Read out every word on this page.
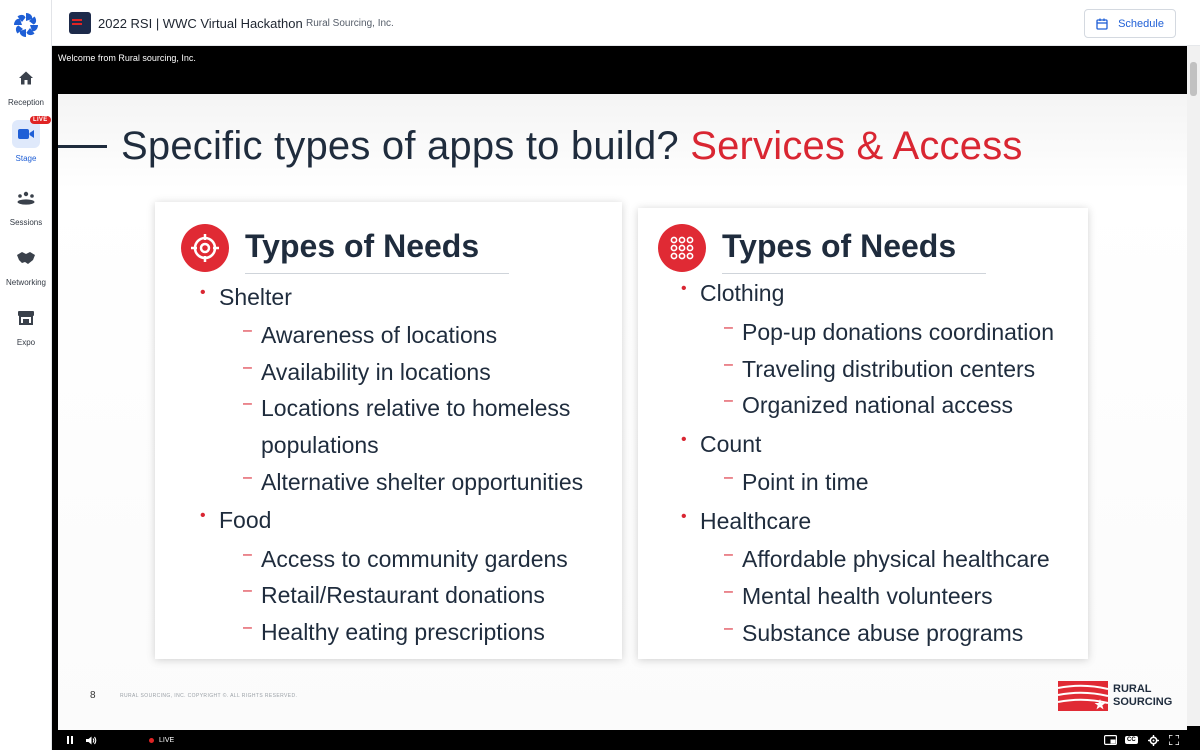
Reception
LIVE
Stage
Sessions
Networking
Expo
2022 RSI | WWC Virtual Hackathon Rural Sourcing, Inc.	Schedule
Welcome from Rural sourcing, Inc.
Specific types of apps to build? Services & Access
Types of Needs
• Shelter
– Awareness of locations
– Availability in locations
– Locations relative to homeless
populations
– Alternative shelter opportunities
• Food
– Access to community gardens
– Retail/Restaurant donations
– Healthy eating prescriptions
Types of Needs
• Clothing
– Pop-up donations coordination
– Traveling distribution centers
– Organized national access
• Count
– Point in time
• Healthcare
– Affordable physical healthcare
– Mental health volunteers
– Substance abuse programs
8	RURAL SOURCING, INC. COPYRIGHT ©. ALL RIGHTS RESERVED.
RURAL
SOURCING
LIVE	CC
